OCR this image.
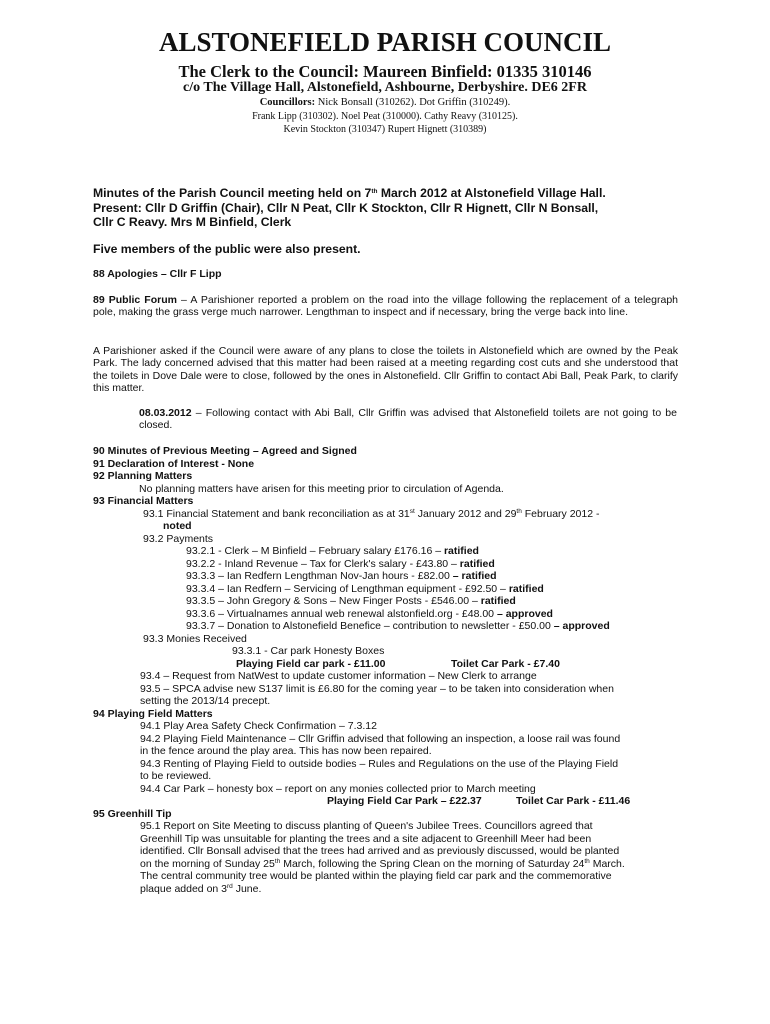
ALSTONEFIELD PARISH COUNCIL
The Clerk to the Council: Maureen Binfield: 01335 310146
c/o The Village Hall, Alstonefield, Ashbourne, Derbyshire. DE6 2FR
Councillors: Nick Bonsall (310262). Dot Griffin (310249).
Frank Lipp (310302). Noel Peat (310000). Cathy Reavy (310125).
Kevin Stockton (310347) Rupert Hignett (310389)
Minutes of the Parish Council meeting held on 7th March 2012 at Alstonefield Village Hall.
Present: Cllr D Griffin (Chair), Cllr N Peat, Cllr K Stockton, Cllr R Hignett, Cllr N Bonsall,
Cllr C Reavy. Mrs M Binfield, Clerk
Five members of the public were also present.
88 Apologies – Cllr F Lipp
89 Public Forum – A Parishioner reported a problem on the road into the village following the replacement of a telegraph pole, making the grass verge much narrower. Lengthman to inspect and if necessary, bring the verge back into line.
A Parishioner asked if the Council were aware of any plans to close the toilets in Alstonefield which are owned by the Peak Park. The lady concerned advised that this matter had been raised at a meeting regarding cost cuts and she understood that the toilets in Dove Dale were to close, followed by the ones in Alstonefield. Cllr Griffin to contact Abi Ball, Peak Park, to clarify this matter.
08.03.2012 – Following contact with Abi Ball, Cllr Griffin was advised that Alstonefield toilets are not going to be closed.
90 Minutes of Previous Meeting – Agreed and Signed
91 Declaration of Interest - None
92 Planning Matters
No planning matters have arisen for this meeting prior to circulation of Agenda.
93 Financial Matters
93.1 Financial Statement and bank reconciliation as at 31st January 2012 and 29th February 2012 -
noted
93.2 Payments
93.2.1 - Clerk – M Binfield – February salary £176.16 – ratified
93.2.2 - Inland Revenue – Tax for Clerk's salary - £43.80 – ratified
93.3.3 – Ian Redfern Lengthman Nov-Jan hours - £82.00 – ratified
93.3.4 – Ian Redfern – Servicing of Lengthman equipment - £92.50 – ratified
93.3.5 – John Gregory & Sons – New Finger Posts - £546.00 – ratified
93.3.6 – Virtualnames annual web renewal alstonfield.org - £48.00 – approved
93.3.7 – Donation to Alstonefield Benefice – contribution to newsletter - £50.00 – approved
93.3 Monies Received
93.3.1 - Car park Honesty Boxes
Playing Field car park - £11.00	Toilet Car Park - £7.40
93.4 – Request from NatWest to update customer information – New Clerk to arrange
93.5 – SPCA advise new S137 limit is £6.80 for the coming year – to be taken into consideration when
setting the 2013/14 precept.
94 Playing Field Matters
94.1 Play Area Safety Check Confirmation – 7.3.12
94.2 Playing Field Maintenance – Cllr Griffin advised that following an inspection, a loose rail was found
in the fence around the play area. This has now been repaired.
94.3 Renting of Playing Field to outside bodies – Rules and Regulations on the use of the Playing Field
to be reviewed.
94.4 Car Park – honesty box – report on any monies collected prior to March meeting
Playing Field Car Park – £22.37	Toilet Car Park - £11.46
95 Greenhill Tip
95.1 Report on Site Meeting to discuss planting of Queen's Jubilee Trees. Councillors agreed that
Greenhill Tip was unsuitable for planting the trees and a site adjacent to Greenhill Meer had been
identified. Cllr Bonsall advised that the trees had arrived and as previously discussed, would be planted
on the morning of Sunday 25th March, following the Spring Clean on the morning of Saturday 24th March.
The central community tree would be planted within the playing field car park and the commemorative
plaque added on 3rd June.
